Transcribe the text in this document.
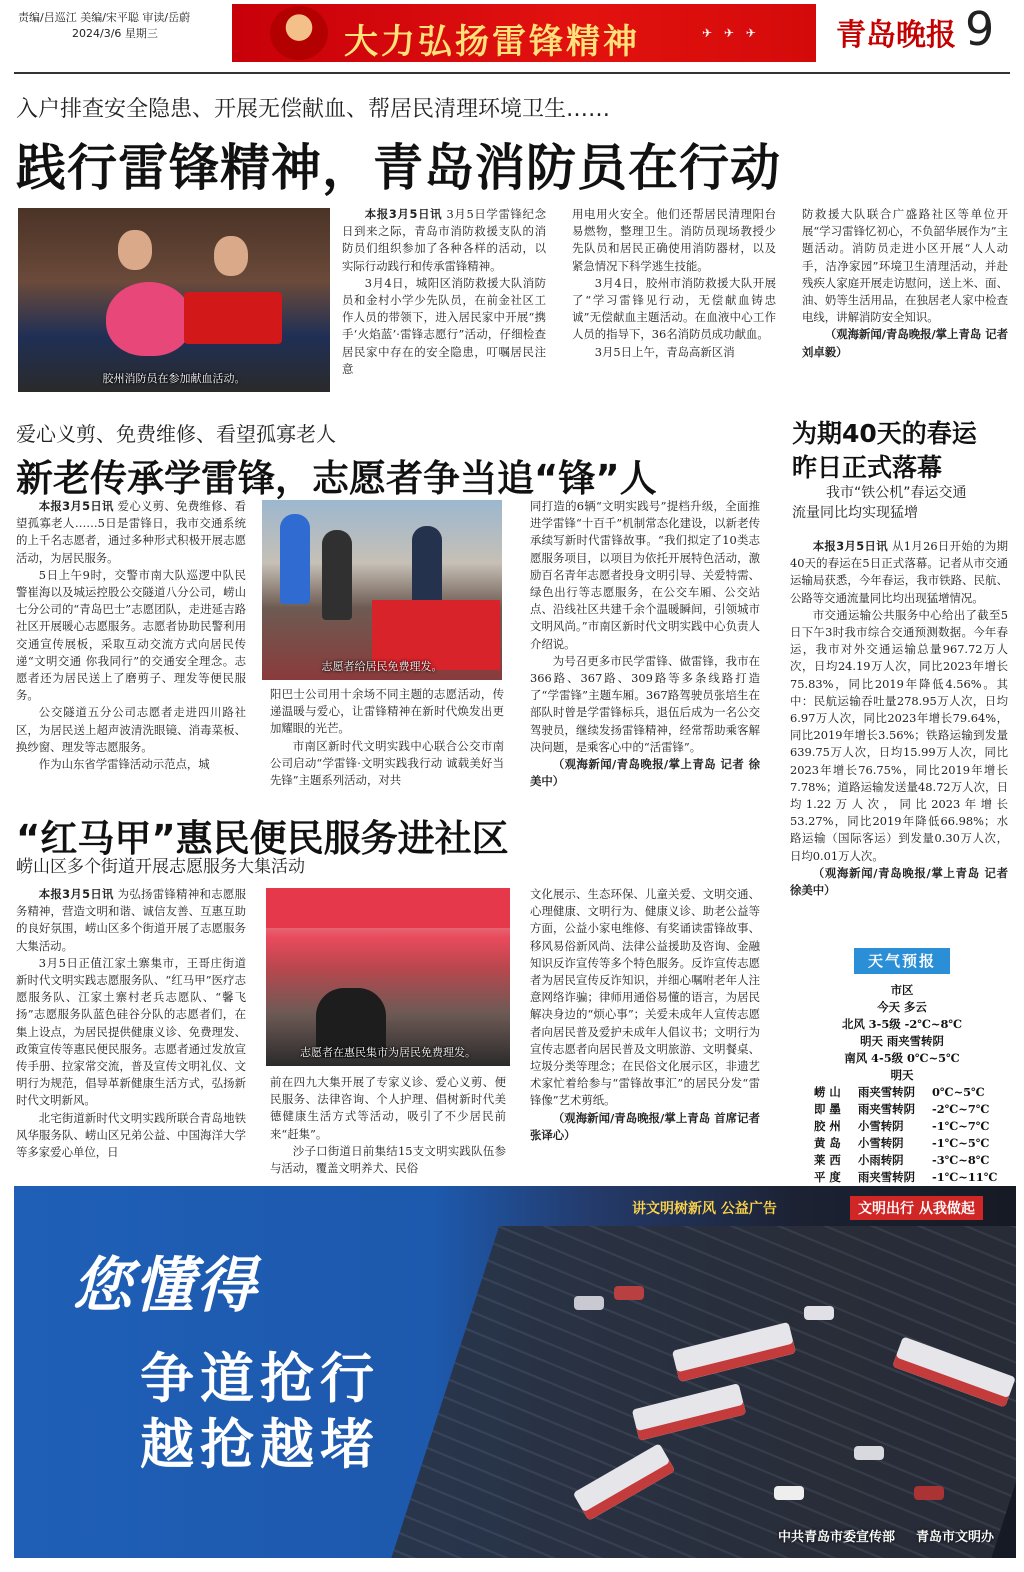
责编/吕巡江 美编/宋平聪 审读/岳蔚
2024/3/6 星期三	大力弘扬雷锋精神	✈ ✈ ✈	青岛晚报 9
入户排查安全隐患、开展无偿献血、帮居民清理环境卫生……
践行雷锋精神，青岛消防员在行动
胶州消防员在参加献血活动。

本报3月5日讯 3月5日学雷锋纪念日到来之际，青岛市消防救援支队的消防员们组织参加了各种各样的活动，以实际行动践行和传承雷锋精神。

3月4日，城阳区消防救援大队消防员和金村小学少先队员，在前金社区工作人员的带领下，进入居民家中开展“携手‘火焰蓝’·雷锋志愿行”活动，仔细检查居民家中存在的安全隐患，叮嘱居民注意

用电用火安全。他们还帮居民清理阳台易燃物，整理卫生。消防员现场教授少先队员和居民正确使用消防器材，以及紧急情况下科学逃生技能。

3月4日，胶州市消防救援大队开展了“学习雷锋见行动，无偿献血铸忠诚”无偿献血主题活动。在血液中心工作人员的指导下，36名消防员成功献血。

3月5日上午，青岛高新区消

防救援大队联合广盛路社区等单位开展“学习雷锋忆初心，不负韶华展作为”主题活动。消防员走进小区开展“人人动手，洁净家园”环境卫生清理活动，并赴残疾人家庭开展走访慰问，送上米、面、油、奶等生活用品，在独居老人家中检查电线，讲解消防安全知识。

（观海新闻/青岛晚报/掌上青岛 记者 刘卓毅）

爱心义剪、免费维修、看望孤寡老人
新老传承学雷锋，志愿者争当追“锋”人

本报3月5日讯 爱心义剪、免费维修、看望孤寡老人……5日是雷锋日，我市交通系统的上千名志愿者，通过多种形式积极开展志愿活动，为居民服务。

5日上午9时，交警市南大队巡逻中队民警崔海以及城运控股公交隧道八分公司，崂山七分公司的“青岛巴士”志愿团队，走进延吉路社区开展暖心志愿服务。志愿者协助民警利用交通宣传展板，采取互动交流方式向居民传递“文明交通 你我同行”的交通安全理念。志愿者还为居民送上了磨剪子、理发等便民服务。

公交隧道五分公司志愿者走进四川路社区，为居民送上超声波清洗眼镜、消毒菜板、换纱窗、理发等志愿服务。

作为山东省学雷锋活动示范点，城

志愿者给居民免费理发。

阳巴士公司用十余场不同主题的志愿活动，传递温暖与爱心，让雷锋精神在新时代焕发出更加耀眼的光芒。

市南区新时代文明实践中心联合公交市南公司启动“学雷锋·文明实践我行动 诚载美好当先锋”主题系列活动，对共

同打造的6辆“文明实践号”提档升级，全面推进学雷锋“十百千”机制常态化建设，以新老传承续写新时代雷锋故事。“我们拟定了10类志愿服务项目，以项目为依托开展特色活动，激励百名青年志愿者投身文明引导、关爱特需、绿色出行等志愿服务，在公交车厢、公交站点、沿线社区共建千余个温暖瞬间，引领城市文明风尚。”市南区新时代文明实践中心负责人介绍说。

为号召更多市民学雷锋、做雷锋，我市在366路、367路、309路等多条线路打造了“学雷锋”主题车厢。367路驾驶员张培生在部队时曾是学雷锋标兵，退伍后成为一名公交驾驶员，继续发扬雷锋精神，经常帮助乘客解决问题，是乘客心中的“活雷锋”。

（观海新闻/青岛晚报/掌上青岛 记者 徐美中）

“红马甲”惠民便民服务进社区
崂山区多个街道开展志愿服务大集活动

本报3月5日讯 为弘扬雷锋精神和志愿服务精神，营造文明和谐、诚信友善、互惠互助的良好氛围，崂山区多个街道开展了志愿服务大集活动。

3月5日正值江家土寨集市，王哥庄街道新时代文明实践志愿服务队、“红马甲”医疗志愿服务队、江家土寨村老兵志愿队、“馨飞扬”志愿服务队蓝色硅谷分队的志愿者们，在集上设点，为居民提供健康义诊、免费理发、政策宣传等惠民便民服务。志愿者通过发放宣传手册、拉家常交流，普及宣传文明礼仪、文明行为规范，倡导革新健康生活方式，弘扬新时代文明新风。

北宅街道新时代文明实践所联合青岛地铁风华服务队、崂山区兄弟公益、中国海洋大学等多家爱心单位，日

志愿者在惠民集市为居民免费理发。

前在四九大集开展了专家义诊、爱心义剪、便民服务、法律咨询、个人护理、倡树新时代美德健康生活方式等活动，吸引了不少居民前来“赶集”。

沙子口街道日前集结15支文明实践队伍参与活动，覆盖文明养犬、民俗

文化展示、生态环保、儿童关爱、文明交通、心理健康、文明行为、健康义诊、助老公益等方面，公益小家电维修、有奖诵读雷锋故事、移风易俗新风尚、法律公益援助及咨询、金融知识反诈宣传等多个特色服务。反诈宣传志愿者为居民宣传反诈知识，并细心嘱咐老年人注意网络诈骗；律师用通俗易懂的语言，为居民解决身边的“烦心事”；关爱未成年人宣传志愿者向居民普及爱护未成年人倡议书；文明行为宣传志愿者向居民普及文明旅游、文明餐桌、垃圾分类等理念；在民俗文化展示区，非遗艺术家忙着给参与“雷锋故事汇”的居民分发“雷锋像”艺术剪纸。

（观海新闻/青岛晚报/掌上青岛 首席记者 张译心）

为期40天的春运
昨日正式落幕
我市“铁公机”春运交通
流量同比均实现猛增

本报3月5日讯 从1月26日开始的为期40天的春运在5日正式落幕。记者从市交通运输局获悉，今年春运，我市铁路、民航、公路等交通流量同比均出现猛增情况。

市交通运输公共服务中心给出了截至5日下午3时我市综合交通预测数据。今年春运，我市对外交通运输总量967.72万人次，日均24.19万人次，同比2023年增长75.83%，同比2019年降低4.56%。其中：民航运输吞吐量278.95万人次，日均6.97万人次，同比2023年增长79.64%，同比2019年增长3.56%；铁路运输到发量639.75万人次，日均15.99万人次，同比2023年增长76.75%，同比2019年增长7.78%；道路运输发送量48.72万人次，日均1.22万人次，同比2023年增长53.27%，同比2019年降低66.98%；水路运输（国际客运）到发量0.30万人次，日均0.01万人次。

（观海新闻/青岛晚报/掌上青岛 记者 徐美中）

天气预报
市区
今天 多云
北风 3-5级 -2℃~8℃
明天 雨夹雪转阴
南风 4-5级 0℃~5℃
明天
崂 山 雨夹雪转阴 0℃~5℃
即 墨 雨夹雪转阴 -2℃~7℃
胶 州 小雪转阴 -1℃~7℃
黄 岛 小雪转阴 -1℃~5℃
莱 西 小雨转阴 -3℃~8℃
平 度 雨夹雪转阴 -1℃~11℃
您懂得
争道抢行
越抢越堵
讲文明树新风 公益广告	文明出行 从我做起
中共青岛市委宣传部 青岛市文明办
